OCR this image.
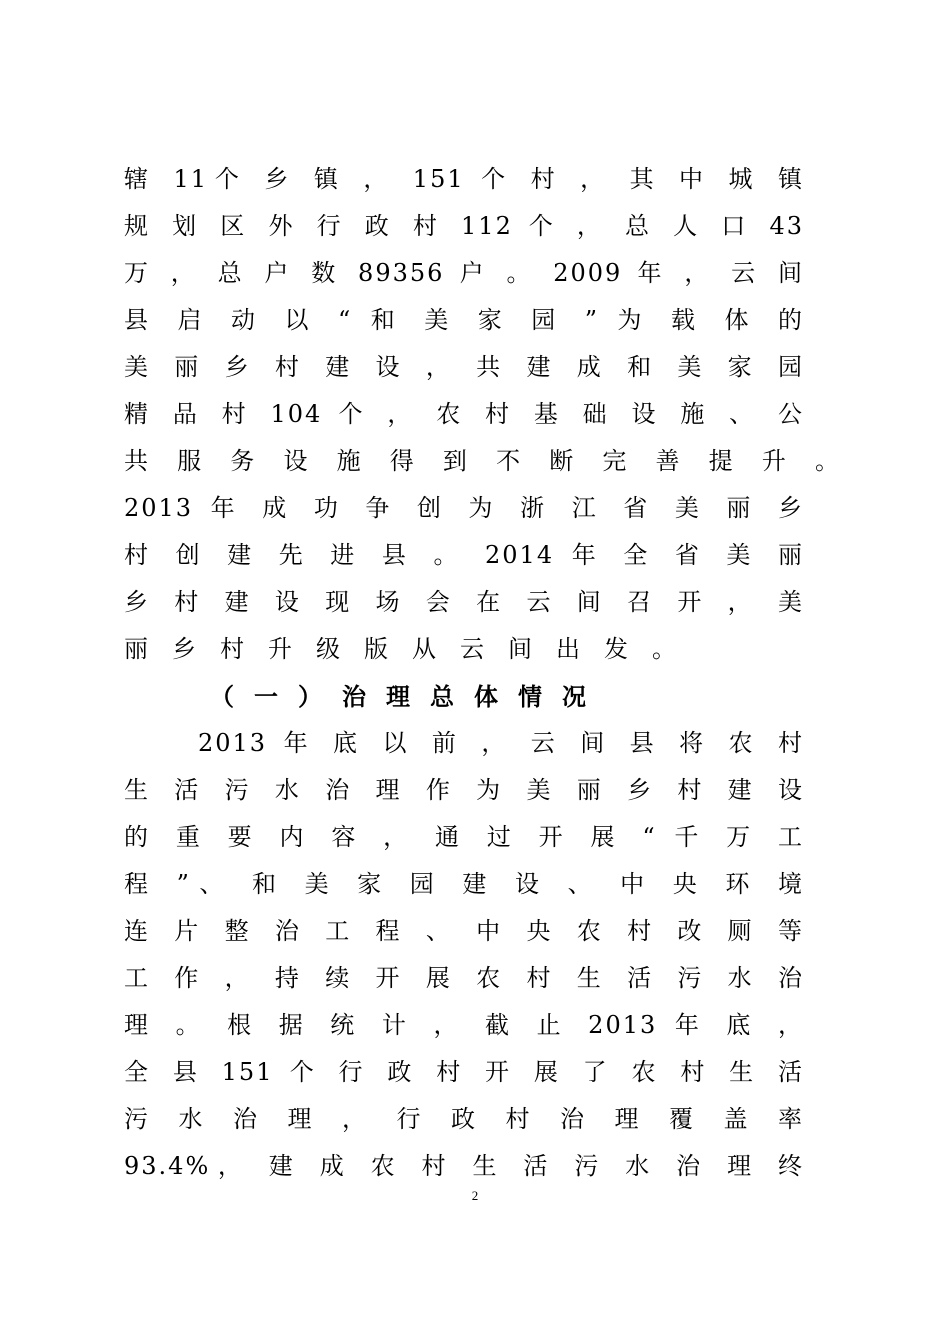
辖 11个 乡 镇 ， 151 个 村 ， 其 中 城 镇
规 划 区 外 行 政 村 112 个 ， 总 人 口 43
万 ， 总 户 数 89356 户 。 2009 年 ， 云 间
县 启 动 以 “ 和 美 家 园 ” 为 载 体 的
美 丽 乡 村 建 设 ， 共 建 成 和 美 家 园
精 品 村 104 个 ， 农 村 基 础 设 施 、 公
共 服 务 设 施 得 到 不 断 完 善 提 升 。
2013 年 成 功 争 创 为 浙 江 省 美 丽 乡
村 创 建 先 进 县 。 2014 年 全 省 美 丽
乡 村 建 设 现 场 会 在 云 间 召 开 ， 美
丽乡村升级版从云间出发。
（一）治理总体情况
2013 年 底 以 前 ， 云 间 县 将 农 村
生 活 污 水 治 理 作 为 美 丽 乡 村 建 设
的 重 要 内 容 ， 通 过 开 展 “ 千 万 工
程 ”、 和 美 家 园 建 设 、 中 央 环 境
连 片 整 治 工 程 、 中 央 农 村 改 厕 等
工 作 ， 持 续 开 展 农 村 生 活 污 水 治
理 。 根 据 统 计 ， 截 止 2013 年 底 ，
全 县 151 个 行 政 村 开 展 了 农 村 生 活
污 水 治 理 ， 行 政 村 治 理 覆 盖 率
93.4%， 建 成 农 村 生 活 污 水 治 理 终
2
